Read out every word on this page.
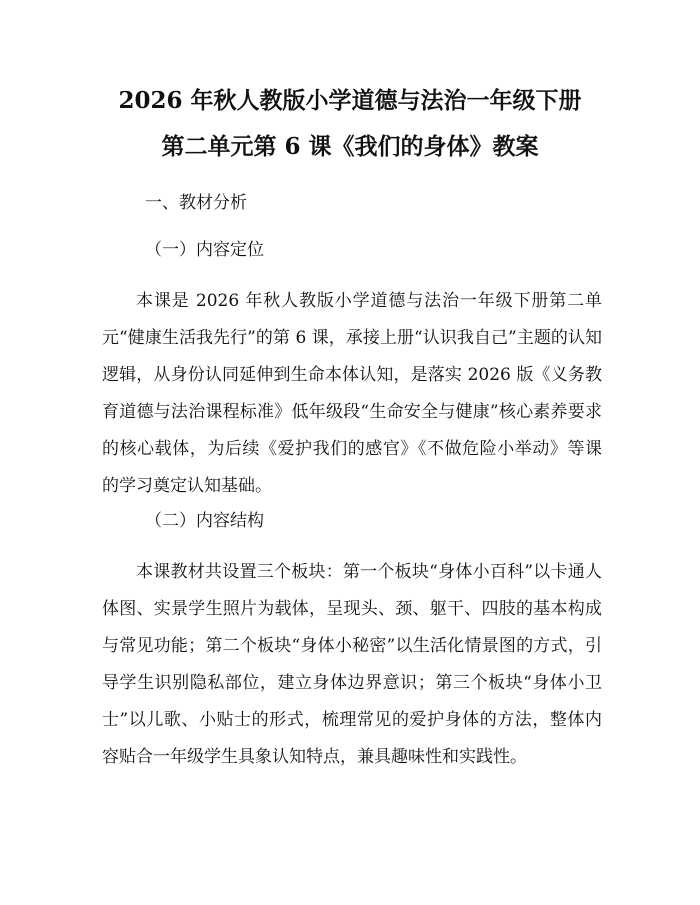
2026 年秋人教版小学道德与法治一年级下册
第二单元第 6 课《我们的身体》教案

一、教材分析

（一）内容定位

本课是 2026 年秋人教版小学道德与法治一年级下册第二单元“健康生活我先行”的第 6 课，承接上册“认识我自己”主题的认知逻辑，从身份认同延伸到生命本体认知，是落实 2026 版《义务教育道德与法治课程标准》低年级段“生命安全与健康”核心素养要求的核心载体，为后续《爱护我们的感官》《不做危险小举动》等课的学习奠定认知基础。

（二）内容结构

本课教材共设置三个板块：第一个板块“身体小百科”以卡通人体图、实景学生照片为载体，呈现头、颈、躯干、四肢的基本构成与常见功能；第二个板块“身体小秘密”以生活化情景图的方式，引导学生识别隐私部位，建立身体边界意识；第三个板块“身体小卫士”以儿歌、小贴士的形式，梳理常见的爱护身体的方法，整体内容贴合一年级学生具象认知特点，兼具趣味性和实践性。
